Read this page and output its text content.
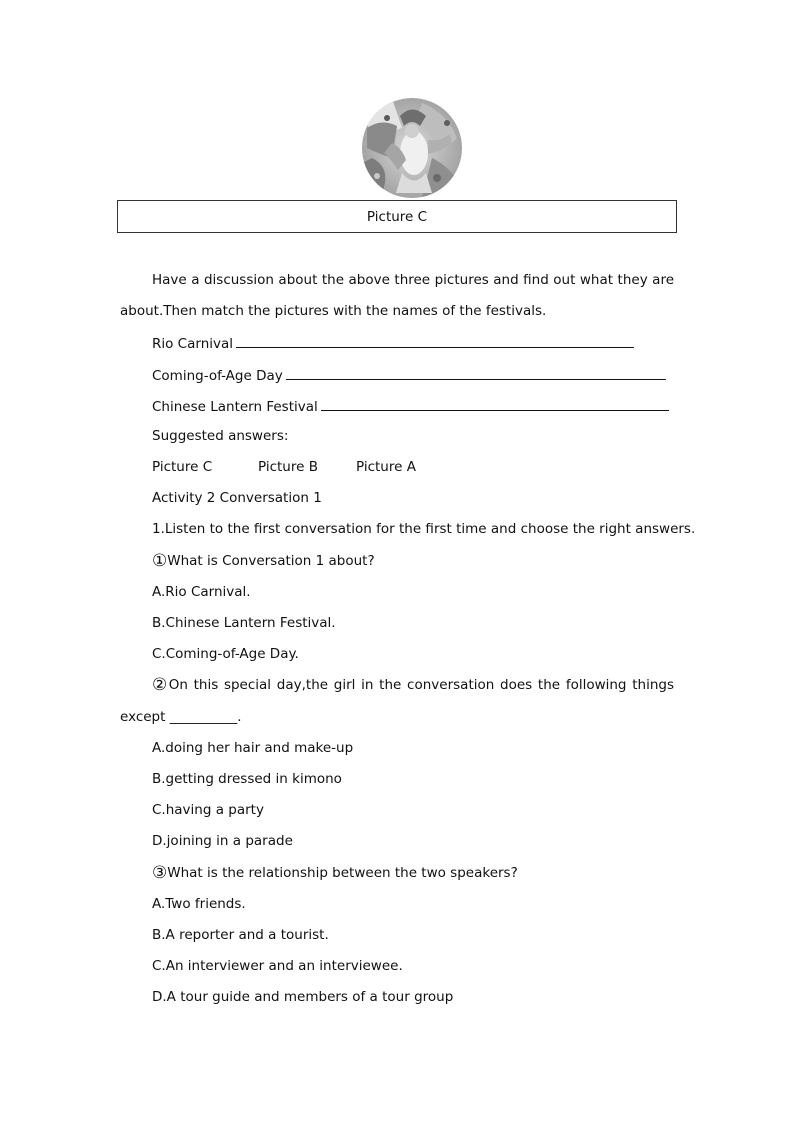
Picture C
Have a discussion about the above three pictures and find out what they are
about.Then match the pictures with the names of the festivals.
Rio Carnival
Coming-of-Age Day
Chinese Lantern Festival
Suggested answers:
Picture C	Picture B	Picture A
Activity 2 Conversation 1
1.Listen to the first conversation for the first time and choose the right answers.
①What is Conversation 1 about?
A.Rio Carnival.
B.Chinese Lantern Festival.
C.Coming-of-Age Day.
②On this special day,the girl in the conversation does the following things
except __________.
A.doing her hair and make-up
B.getting dressed in kimono
C.having a party
D.joining in a parade
③What is the relationship between the two speakers?
A.Two friends.
B.A reporter and a tourist.
C.An interviewer and an interviewee.
D.A tour guide and members of a tour group
